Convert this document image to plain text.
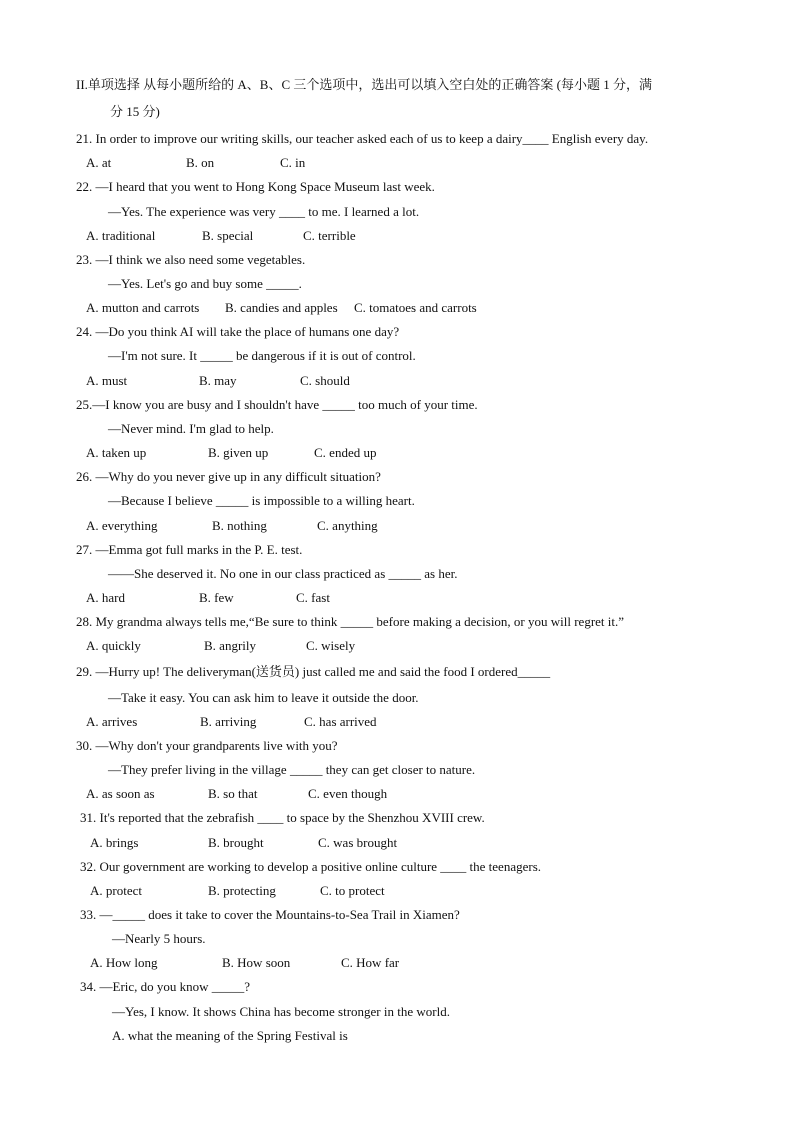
II.单项选择 从每小题所给的 A、B、C 三个选项中，选出可以填入空白处的正确答案 (每小题 1 分，满
分 15 分)
21. In order to improve our writing skills, our teacher asked each of us to keep a dairy____ English every day.
A. at	B. on	C. in
22. —I heard that you went to Hong Kong Space Museum last week.
—Yes. The experience was very ____ to me. I learned a lot.
A. traditional	B. special	C. terrible
23. —I think we also need some vegetables.
—Yes. Let's go and buy some _____.
A. mutton and carrots B. candies and apples C. tomatoes and carrots
24. —Do you think AI will take the place of humans one day?
—I'm not sure. It _____ be dangerous if it is out of control.
A. must	B. may	C. should
25.—I know you are busy and I shouldn't have _____ too much of your time.
—Never mind. I'm glad to help.
A. taken up	B. given up	C. ended up
26. —Why do you never give up in any difficult situation?
—Because I believe _____ is impossible to a willing heart.
A. everything	B. nothing	C. anything
27. —Emma got full marks in the P. E. test.
——She deserved it. No one in our class practiced as _____ as her.
A. hard	B. few	C. fast
28. My grandma always tells me,“Be sure to think _____ before making a decision, or you will regret it.”
A. quickly	B. angrily	C. wisely
29. —Hurry up! The deliveryman(送货员) just called me and said the food I ordered_____
—Take it easy. You can ask him to leave it outside the door.
A. arrives	B. arriving	C. has arrived
30. —Why don't your grandparents live with you?
—They prefer living in the village _____ they can get closer to nature.
A. as soon as	B. so that	C. even though
31. It's reported that the zebrafish ____ to space by the Shenzhou XVIII crew.
A. brings	B. brought	C. was brought
32. Our government are working to develop a positive online culture ____ the teenagers.
A. protect	B. protecting	C. to protect
33. —_____ does it take to cover the Mountains-to-Sea Trail in Xiamen?
—Nearly 5 hours.
A. How long	B. How soon	C. How far
34. —Eric, do you know _____?
—Yes, I know. It shows China has become stronger in the world.
A. what the meaning of the Spring Festival is
